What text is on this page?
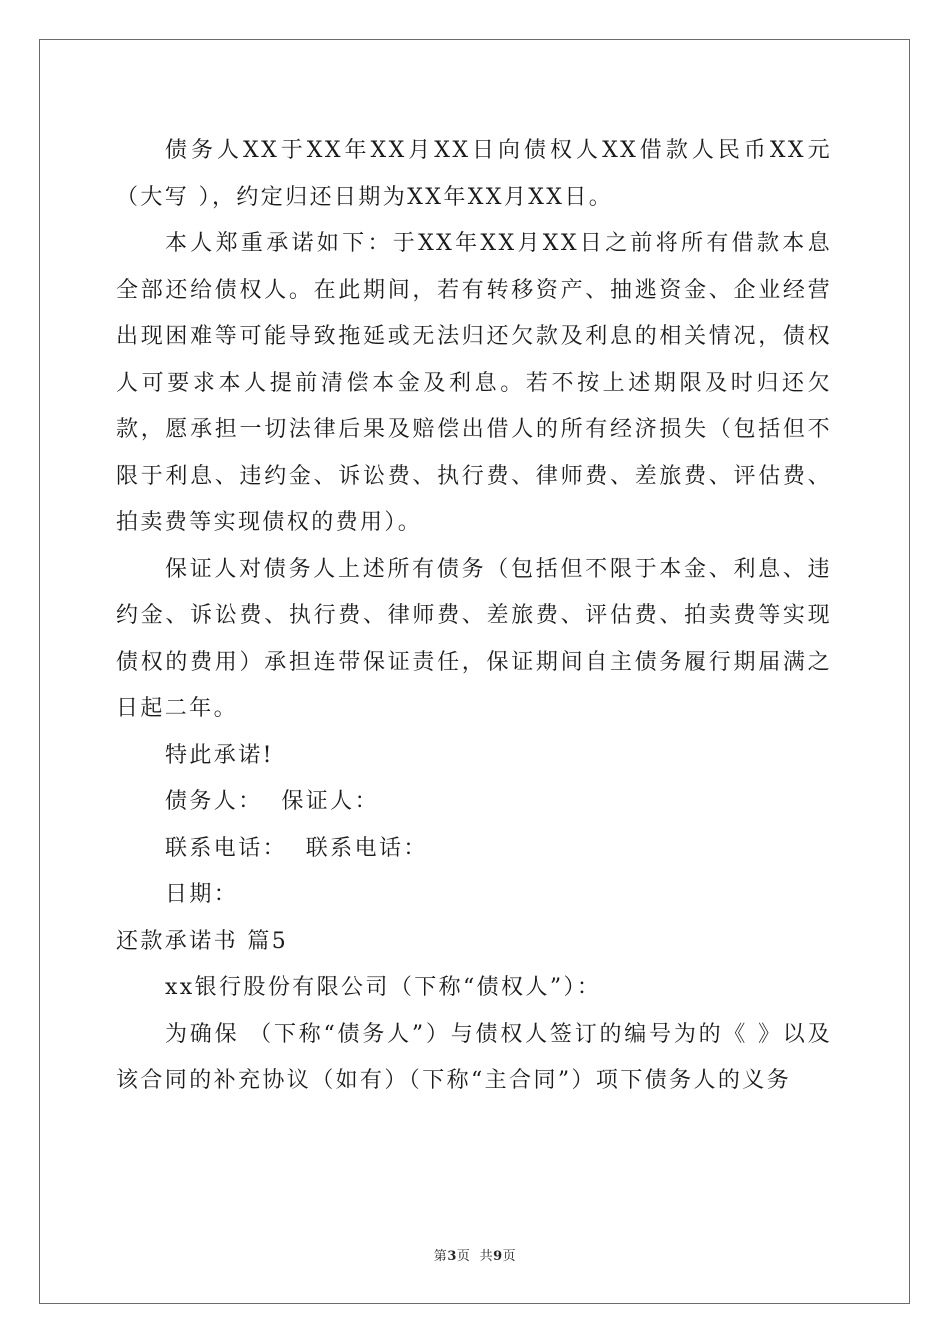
债务人XX于XX年XX月XX日向债权人XX借款人民币XX元（大写 ），约定归还日期为XX年XX月XX日。

本人郑重承诺如下：于XX年XX月XX日之前将所有借款本息全部还给债权人。在此期间，若有转移资产、抽逃资金、企业经营出现困难等可能导致拖延或无法归还欠款及利息的相关情况，债权人可要求本人提前清偿本金及利息。若不按上述期限及时归还欠款，愿承担一切法律后果及赔偿出借人的所有经济损失（包括但不限于利息、违约金、诉讼费、执行费、律师费、差旅费、评估费、拍卖费等实现债权的费用）。

保证人对债务人上述所有债务（包括但不限于本金、利息、违约金、诉讼费、执行费、律师费、差旅费、评估费、拍卖费等实现债权的费用）承担连带保证责任，保证期间自主债务履行期届满之日起二年。

特此承诺!

债务人：  保证人：

联系电话：  联系电话：

日期：

还款承诺书 篇5

xx银行股份有限公司（下称“债权人”）：

为确保 （下称“债务人”）与债权人签订的编号为的《 》以及该合同的补充协议（如有）（下称“主合同”）项下债务人的义务

第3页  共9页
